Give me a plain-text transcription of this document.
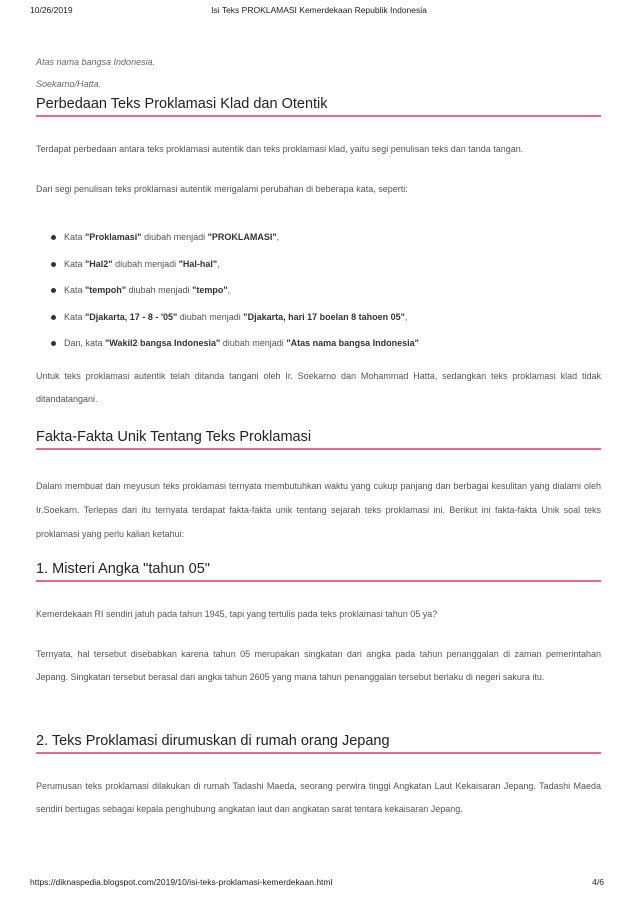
10/26/2019	Isi Teks PROKLAMASI Kemerdekaan Republik Indonesia

Atas nama bangsa Indonesia.

Soekarno/Hatta.

Perbedaan Teks Proklamasi Klad dan Otentik

Terdapat perbedaan antara teks proklamasi autentik dan teks proklamasi klad, yaitu segi penulisan teks dan tanda tangan.

Dari segi penulisan teks proklamasi autentik mengalami perubahan di beberapa kata, seperti:

Kata "Proklamasi" diubah menjadi "PROKLAMASI",
Kata "Hal2" diubah menjadi "Hal-hal",
Kata "tempoh" diubah menjadi "tempo",
Kata "Djakarta, 17 - 8 - '05" diubah menjadi "Djakarta, hari 17 boelan 8 tahoen 05",
Dan, kata "Wakil2 bangsa Indonesia" diubah menjadi "Atas nama bangsa Indonesia"

Untuk teks proklamasi autentik telah ditanda tangani oleh Ir. Soekarno dan Mohammad Hatta, sedangkan teks proklamasi klad tidak ditandatangani.

Fakta-Fakta Unik Tentang Teks Proklamasi

Dalam membuat dan meyusun teks proklamasi ternyata membutuhkan waktu yang cukup panjang dan berbagai kesulitan yang dialami oleh Ir.Soekarn. Terlepas dari itu ternyata terdapat fakta-fakta unik tentang sejarah teks proklamasi ini. Berikut ini fakta-fakta Unik soal teks proklamasi yang perlu kalian ketahui:

1. Misteri Angka "tahun 05"

Kemerdekaan RI sendiri jatuh pada tahun 1945, tapi yang tertulis pada teks proklamasi tahun 05 ya?

Ternyata, hal tersebut disebabkan karena tahun 05 merupakan singkatan dari angka pada tahun penanggalan di zaman pemerintahan Jepang. Singkatan tersebut berasal dari angka tahun 2605 yang mana tahun penanggalan tersebut berlaku di negeri sakura itu.

2. Teks Proklamasi dirumuskan di rumah orang Jepang

Perumusan teks proklamasi dilakukan di rumah Tadashi Maeda, seorang perwira tinggi Angkatan Laut Kekaisaran Jepang. Tadashi Maeda sendiri bertugas sebagai kepala penghubung angkatan laut dan angkatan sarat tentara kekaisaran Jepang.

https://diknaspedia.blogspot.com/2019/10/isi-teks-proklamasi-kemerdekaan.html	4/6
